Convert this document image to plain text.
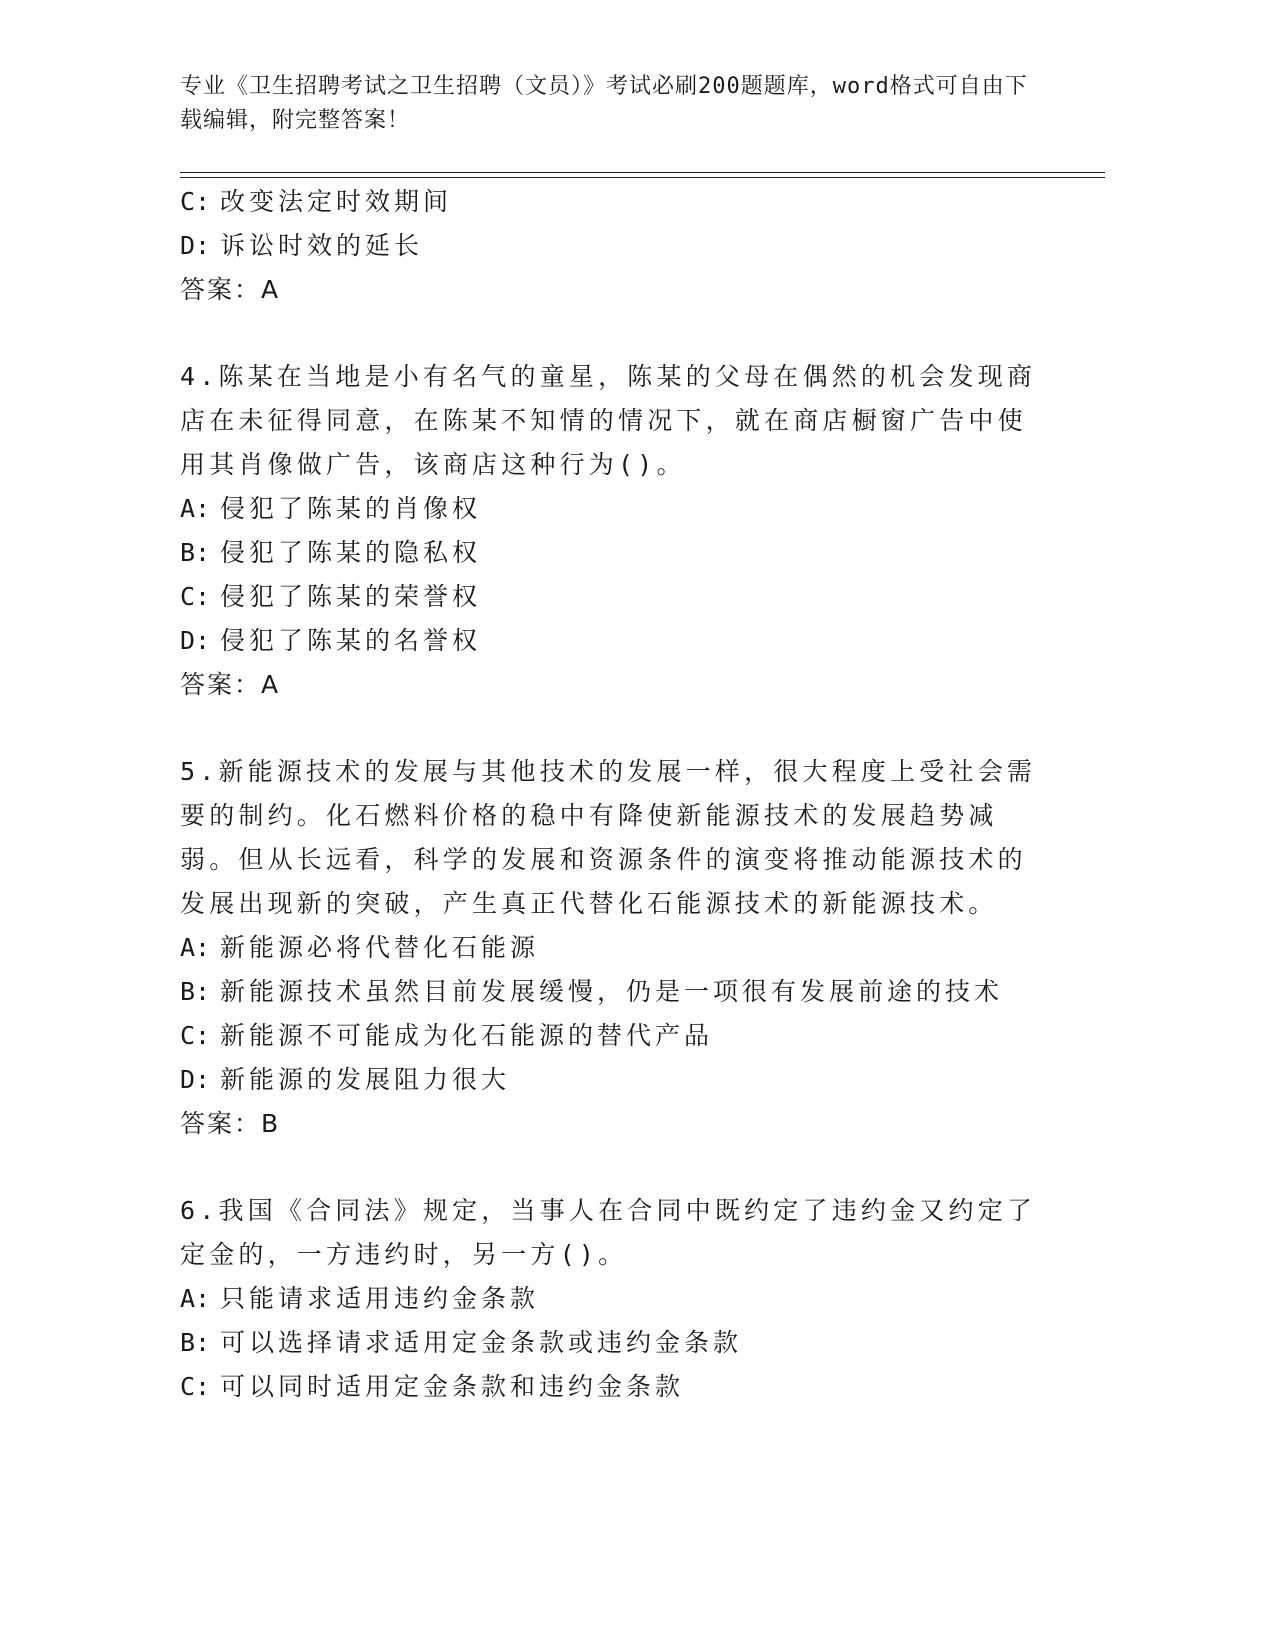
专业《卫生招聘考试之卫生招聘（文员）》考试必刷200题题库，word格式可自由下载编辑，附完整答案！
C: 改变法定时效期间
D: 诉讼时效的延长
答案：A
4.陈某在当地是小有名气的童星，陈某的父母在偶然的机会发现商店在未征得同意，在陈某不知情的情况下，就在商店橱窗广告中使用其肖像做广告，该商店这种行为()。
A: 侵犯了陈某的肖像权
B: 侵犯了陈某的隐私权
C: 侵犯了陈某的荣誉权
D: 侵犯了陈某的名誉权
答案：A
5.新能源技术的发展与其他技术的发展一样，很大程度上受社会需要的制约。化石燃料价格的稳中有降使新能源技术的发展趋势减弱。但从长远看，科学的发展和资源条件的演变将推动能源技术的发展出现新的突破，产生真正代替化石能源技术的新能源技术。
A: 新能源必将代替化石能源
B: 新能源技术虽然目前发展缓慢，仍是一项很有发展前途的技术
C: 新能源不可能成为化石能源的替代产品
D: 新能源的发展阻力很大
答案：B
6.我国《合同法》规定，当事人在合同中既约定了违约金又约定了定金的，一方违约时，另一方()。
A: 只能请求适用违约金条款
B: 可以选择请求适用定金条款或违约金条款
C: 可以同时适用定金条款和违约金条款
